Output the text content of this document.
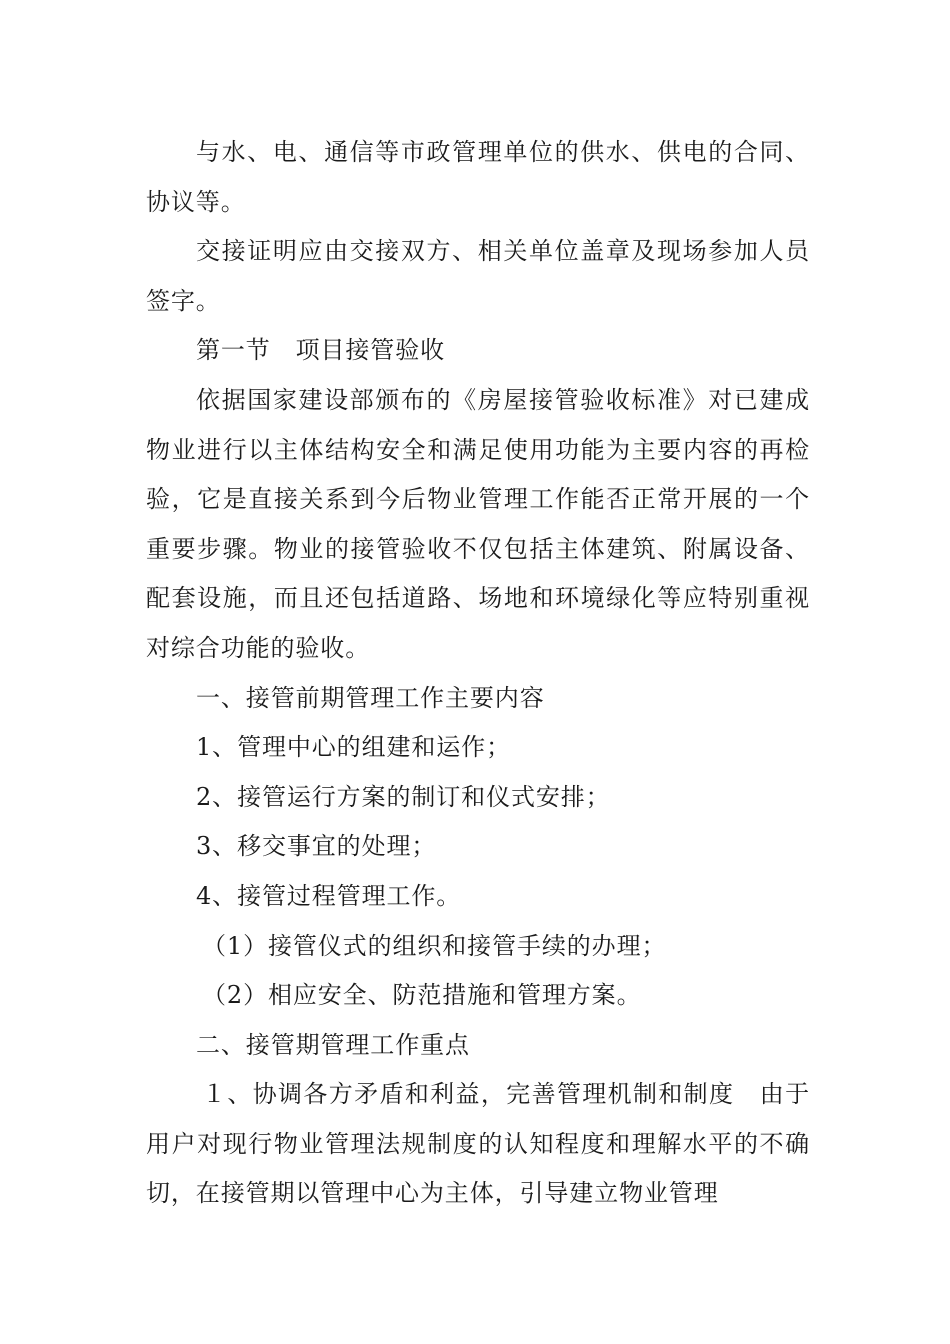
与水、电、通信等市政管理单位的供水、供电的合同、协议等。

交接证明应由交接双方、相关单位盖章及现场参加人员签字。

第一节　项目接管验收

依据国家建设部颁布的《房屋接管验收标准》对已建成物业进行以主体结构安全和满足使用功能为主要内容的再检验，它是直接关系到今后物业管理工作能否正常开展的一个重要步骤。物业的接管验收不仅包括主体建筑、附属设备、配套设施，而且还包括道路、场地和环境绿化等应特别重视对综合功能的验收。

一、接管前期管理工作主要内容

1、管理中心的组建和运作；

2、接管运行方案的制订和仪式安排；

3、移交事宜的处理；

4、接管过程管理工作。

（1）接管仪式的组织和接管手续的办理；

（2）相应安全、防范措施和管理方案。

二、接管期管理工作重点

１、协调各方矛盾和利益，完善管理机制和制度　由于用户对现行物业管理法规制度的认知程度和理解水平的不确切，在接管期以管理中心为主体，引导建立物业管理
